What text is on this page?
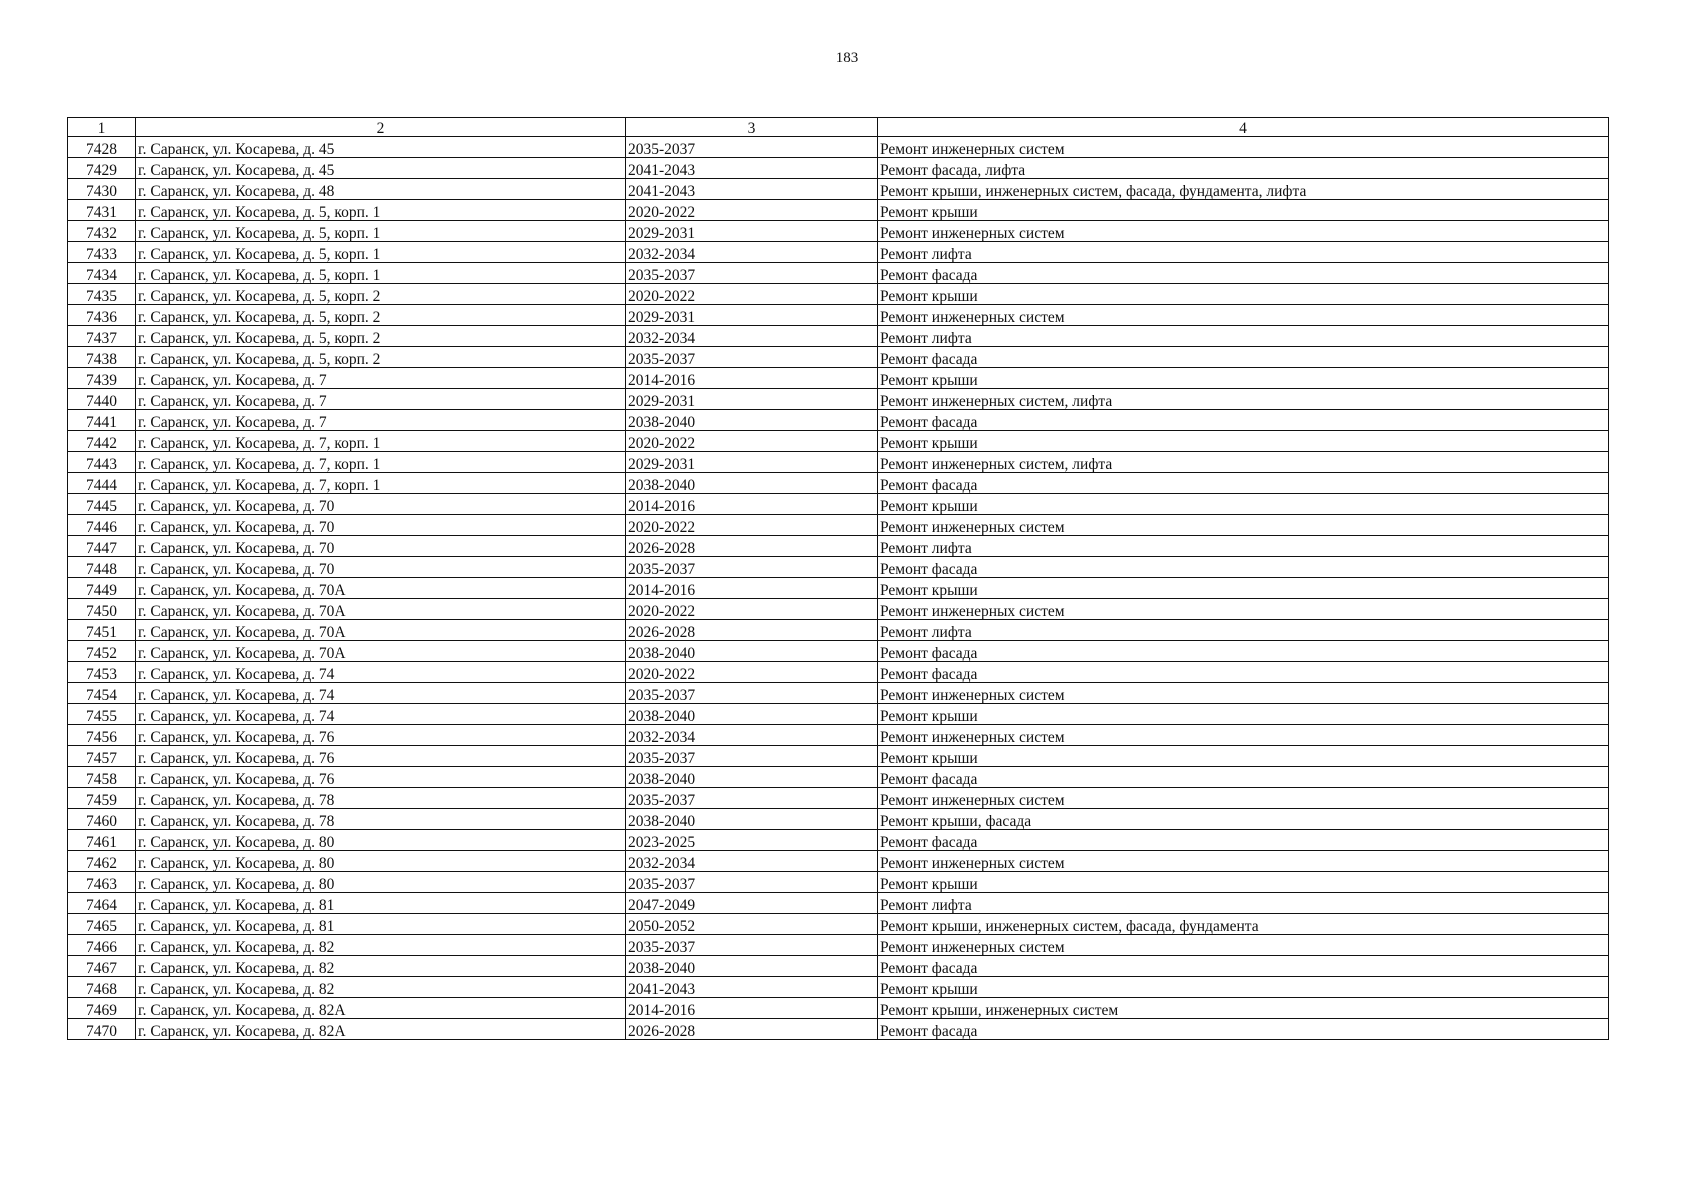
183
1	2	3	4
7428	г. Саранск, ул. Косарева, д. 45	2035-2037	Ремонт инженерных систем
7429	г. Саранск, ул. Косарева, д. 45	2041-2043	Ремонт фасада, лифта
7430	г. Саранск, ул. Косарева, д. 48	2041-2043	Ремонт крыши, инженерных систем, фасада, фундамента, лифта
7431	г. Саранск, ул. Косарева, д. 5, корп. 1	2020-2022	Ремонт крыши
7432	г. Саранск, ул. Косарева, д. 5, корп. 1	2029-2031	Ремонт инженерных систем
7433	г. Саранск, ул. Косарева, д. 5, корп. 1	2032-2034	Ремонт лифта
7434	г. Саранск, ул. Косарева, д. 5, корп. 1	2035-2037	Ремонт фасада
7435	г. Саранск, ул. Косарева, д. 5, корп. 2	2020-2022	Ремонт крыши
7436	г. Саранск, ул. Косарева, д. 5, корп. 2	2029-2031	Ремонт инженерных систем
7437	г. Саранск, ул. Косарева, д. 5, корп. 2	2032-2034	Ремонт лифта
7438	г. Саранск, ул. Косарева, д. 5, корп. 2	2035-2037	Ремонт фасада
7439	г. Саранск, ул. Косарева, д. 7	2014-2016	Ремонт крыши
7440	г. Саранск, ул. Косарева, д. 7	2029-2031	Ремонт инженерных систем, лифта
7441	г. Саранск, ул. Косарева, д. 7	2038-2040	Ремонт фасада
7442	г. Саранск, ул. Косарева, д. 7, корп. 1	2020-2022	Ремонт крыши
7443	г. Саранск, ул. Косарева, д. 7, корп. 1	2029-2031	Ремонт инженерных систем, лифта
7444	г. Саранск, ул. Косарева, д. 7, корп. 1	2038-2040	Ремонт фасада
7445	г. Саранск, ул. Косарева, д. 70	2014-2016	Ремонт крыши
7446	г. Саранск, ул. Косарева, д. 70	2020-2022	Ремонт инженерных систем
7447	г. Саранск, ул. Косарева, д. 70	2026-2028	Ремонт лифта
7448	г. Саранск, ул. Косарева, д. 70	2035-2037	Ремонт фасада
7449	г. Саранск, ул. Косарева, д. 70А	2014-2016	Ремонт крыши
7450	г. Саранск, ул. Косарева, д. 70А	2020-2022	Ремонт инженерных систем
7451	г. Саранск, ул. Косарева, д. 70А	2026-2028	Ремонт лифта
7452	г. Саранск, ул. Косарева, д. 70А	2038-2040	Ремонт фасада
7453	г. Саранск, ул. Косарева, д. 74	2020-2022	Ремонт фасада
7454	г. Саранск, ул. Косарева, д. 74	2035-2037	Ремонт инженерных систем
7455	г. Саранск, ул. Косарева, д. 74	2038-2040	Ремонт крыши
7456	г. Саранск, ул. Косарева, д. 76	2032-2034	Ремонт инженерных систем
7457	г. Саранск, ул. Косарева, д. 76	2035-2037	Ремонт крыши
7458	г. Саранск, ул. Косарева, д. 76	2038-2040	Ремонт фасада
7459	г. Саранск, ул. Косарева, д. 78	2035-2037	Ремонт инженерных систем
7460	г. Саранск, ул. Косарева, д. 78	2038-2040	Ремонт крыши, фасада
7461	г. Саранск, ул. Косарева, д. 80	2023-2025	Ремонт фасада
7462	г. Саранск, ул. Косарева, д. 80	2032-2034	Ремонт инженерных систем
7463	г. Саранск, ул. Косарева, д. 80	2035-2037	Ремонт крыши
7464	г. Саранск, ул. Косарева, д. 81	2047-2049	Ремонт лифта
7465	г. Саранск, ул. Косарева, д. 81	2050-2052	Ремонт крыши, инженерных систем, фасада, фундамента
7466	г. Саранск, ул. Косарева, д. 82	2035-2037	Ремонт инженерных систем
7467	г. Саранск, ул. Косарева, д. 82	2038-2040	Ремонт фасада
7468	г. Саранск, ул. Косарева, д. 82	2041-2043	Ремонт крыши
7469	г. Саранск, ул. Косарева, д. 82А	2014-2016	Ремонт крыши, инженерных систем
7470	г. Саранск, ул. Косарева, д. 82А	2026-2028	Ремонт фасада
